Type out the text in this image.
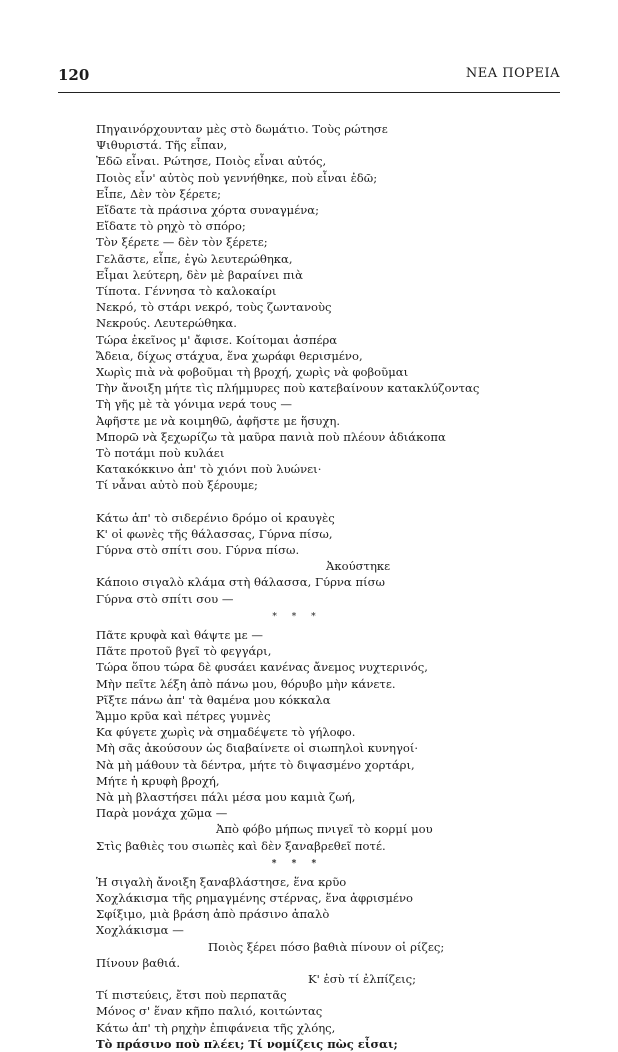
120	ΝΕΑ ΠΟΡΕΙΑ
Πηγαινόρχουνταν μὲς στὸ δωμάτιο. Τοὺς ρώτησε
Ψιθυριστά. Τῆς εἶπαν,
Ἐδῶ εἶναι. Ρώτησε, Ποιὸς εἶναι αὐτός,
Ποιὸς εἶν' αὐτὸς ποὺ γεννήθηκε, ποὺ εἶναι ἐδῶ;
Εἶπε, Δὲν τὸν ξέρετε;
Εἴδατε τὰ πράσινα χόρτα συναγμένα;
Εἴδατε τὸ ρηχὸ τὸ σπόρο;
Τὸν ξέρετε — δὲν τὸν ξέρετε;
Γελᾶστε, εἶπε, ἐγὼ λευτερώθηκα,
Εἶμαι λεύτερη, δὲν μὲ βαραίνει πιὰ
Τίποτα. Γέννησα τὸ καλοκαίρι
Νεκρό, τὸ στάρι νεκρό, τοὺς ζωντανοὺς
Νεκρούς. Λευτερώθηκα.
Τώρα ἐκεῖνος μ' ἄφισε. Κοίτομαι ἀσπέρα
Ἄδεια, δίχως στάχυα, ἕνα χωράφι θερισμένο,
Χωρὶς πιὰ νὰ φοβοῦμαι τὴ βροχή, χωρὶς νὰ φοβοῦμαι
Τὴν ἄνοιξη μήτε τὶς πλήμμυρες ποὺ κατεβαίνουν κατακλύζοντας
Τὴ γῆς μὲ τὰ γόνιμα νερά τους —
Ἀφῆστε με νὰ κοιμηθῶ, ἀφῆστε με ἥσυχη.
Μπορῶ νὰ ξεχωρίζω τὰ μαῦρα πανιὰ ποὺ πλέουν ἀδιάκοπα
Τὸ ποτάμι ποὺ κυλάει
Κατακόκκινο ἀπ' τὸ χιόνι ποὺ λυώνει·
Τί νἆναι αὐτὸ ποὺ ξέρουμε;
Κάτω ἀπ' τὸ σιδερένιο δρόμο οἱ κραυγὲς
Κ' οἱ φωνὲς τῆς θάλασσας, Γύρνα πίσω,
Γύρνα στὸ σπίτι σου. Γύρνα πίσω.
Ἀκούστηκε
Κάποιο σιγαλὸ κλάμα στὴ θάλασσα, Γύρνα πίσω
Γύρνα στὸ σπίτι σου —
* * *
Πᾶτε κρυφὰ καὶ θάψτε με —
Πᾶτε προτοῦ βγεῖ τὸ φεγγάρι,
Τώρα ὅπου τώρα δὲ φυσάει κανένας ἄνεμος νυχτερινός,
Μὴν πεῖτε λέξη ἀπὸ πάνω μου, θόρυβο μὴν κάνετε.
Ρῖξτε πάνω ἀπ' τὰ θαμένα μου κόκκαλα
Ἄμμο κρῦα καὶ πέτρες γυμνὲς
Κα φύγετε χωρὶς νὰ σημαδέψετε τὸ γήλοφο.
Μὴ σᾶς ἀκούσουν ὡς διαβαίνετε οἱ σιωπηλοὶ κυνηγοί·
Νὰ μὴ μάθουν τὰ δέντρα, μήτε τὸ διψασμένο χορτάρι,
Μήτε ἡ κρυφὴ βροχή,
Νὰ μὴ βλαστήσει πάλι μέσα μου καμιὰ ζωή,
Παρὰ μονάχα χῶμα —
Ἀπὸ φόβο μήπως πνιγεῖ τὸ κορμί μου
Στὶς βαθιὲς του σιωπὲς καὶ δὲν ξαναβρεθεῖ ποτέ.
* * *
Ἡ σιγαλὴ ἄνοιξη ξαναβλάστησε, ἕνα κρῦο
Χοχλάκισμα τῆς ρημαγμένης στέρνας, ἕνα ἀφρισμένο
Σφίξιμο, μιὰ βράση ἀπὸ πράσινο ἁπαλὸ
Χοχλάκισμα —
Ποιὸς ξέρει πόσο βαθιὰ πίνουν οἱ ρίζες;
Πίνουν βαθιά.
Κ' ἐσὺ τί ἐλπίζεις;
Τί πιστεύεις, ἔτσι ποὺ περπατᾶς
Μόνος σ' ἕναν κῆπο παλιό, κοιτώντας
Κάτω ἀπ' τὴ ρηχὴν ἐπιφάνεια τῆς χλόης,
Τὸ πράσινο ποὺ πλέει; Τί νομίζεις πὼς εἶσαι;
